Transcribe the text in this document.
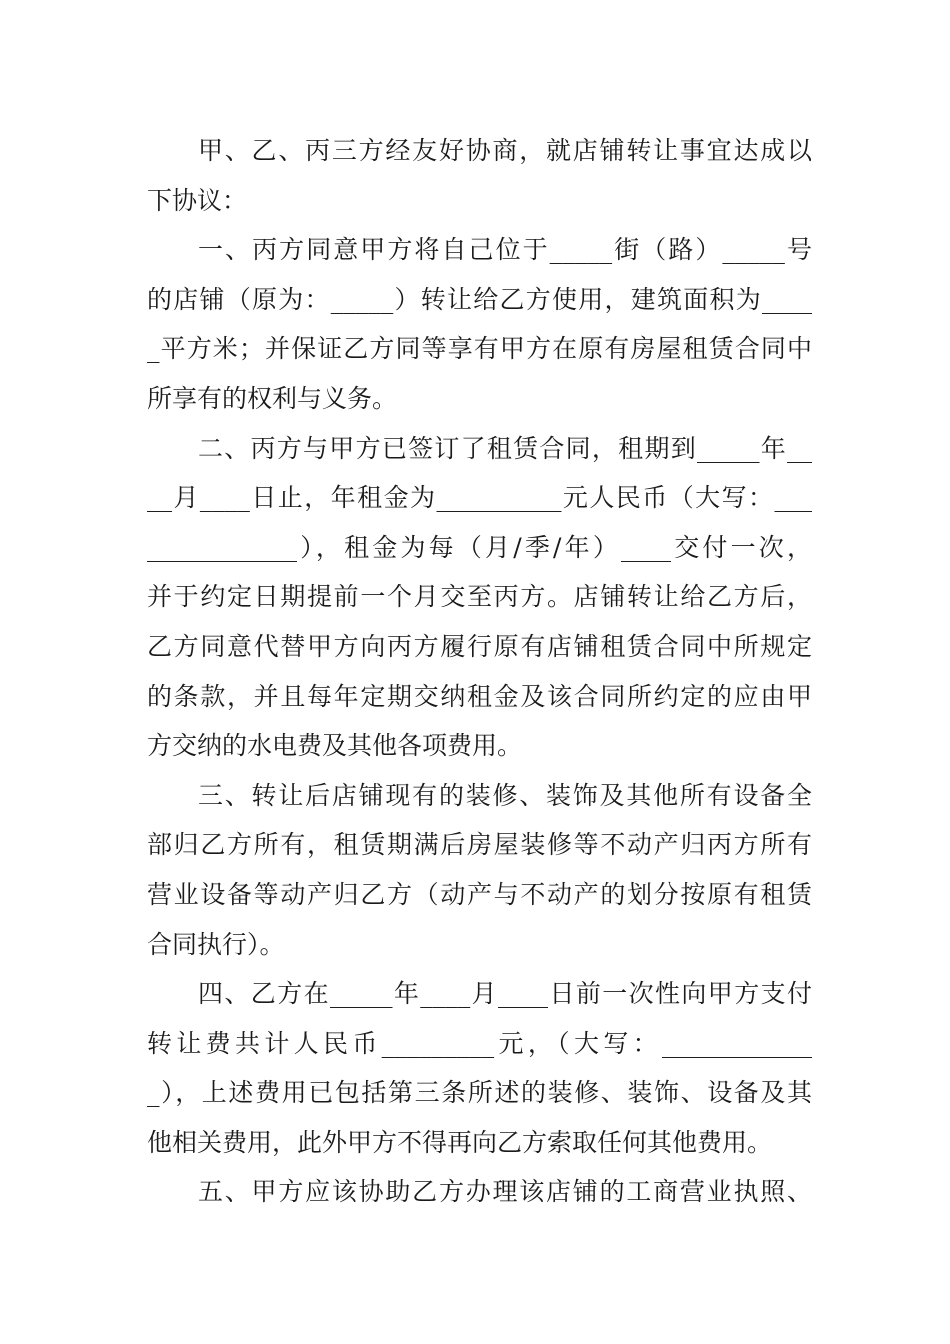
甲、乙、丙三方经友好协商，就店铺转让事宜达成以
下协议：
一、丙方同意甲方将自己位于_____街（路）_____号
的店铺（原为：_____）转让给乙方使用，建筑面积为____
_平方米；并保证乙方同等享有甲方在原有房屋租赁合同中
所享有的权利与义务。
二、丙方与甲方已签订了租赁合同，租期到_____年__
__月____日止，年租金为__________元人民币（大写：___
____________），租金为每（月/季/年）____交付一次，
并于约定日期提前一个月交至丙方。店铺转让给乙方后，
乙方同意代替甲方向丙方履行原有店铺租赁合同中所规定
的条款，并且每年定期交纳租金及该合同所约定的应由甲
方交纳的水电费及其他各项费用。
三、转让后店铺现有的装修、装饰及其他所有设备全
部归乙方所有，租赁期满后房屋装修等不动产归丙方所有
营业设备等动产归乙方（动产与不动产的划分按原有租赁
合同执行）。
四、乙方在_____年____月____日前一次性向甲方支付
转让费共计人民币_________元，（大写：____________
_），上述费用已包括第三条所述的装修、装饰、设备及其
他相关费用，此外甲方不得再向乙方索取任何其他费用。
五、甲方应该协助乙方办理该店铺的工商营业执照、
